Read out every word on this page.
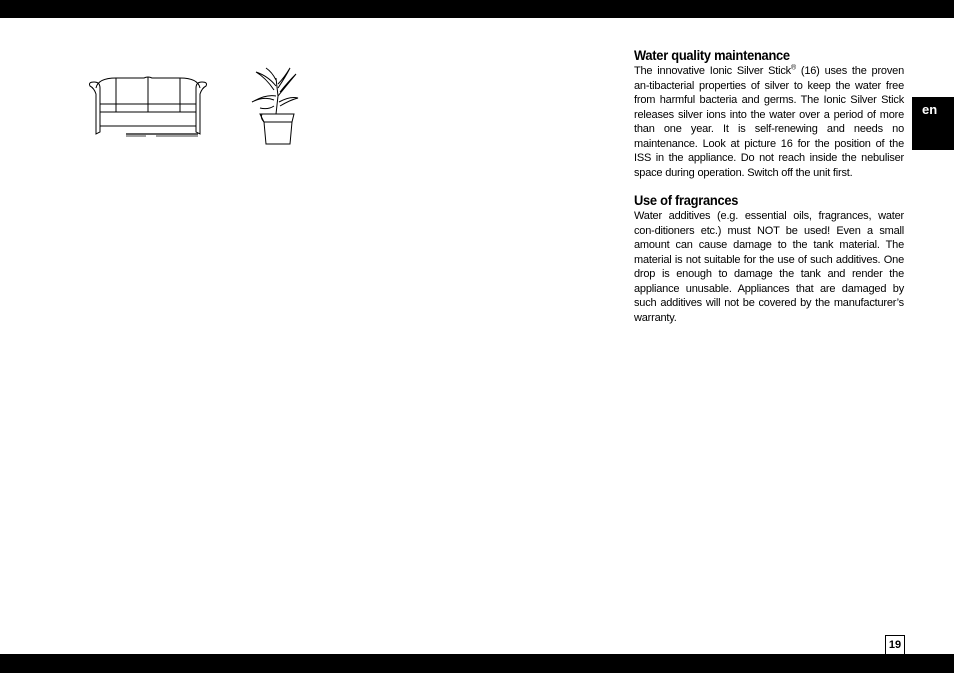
Water quality maintenance

The innovative Ionic Silver Stick® (16) uses the proven an-tibacterial properties of silver to keep the water free from harmful bacteria and germs. The Ionic Silver Stick releases silver ions into the water over a period of more than one year. It is self-renewing and needs no maintenance. Look at picture 16 for the position of the ISS in the appliance. Do not reach inside the nebuliser space during operation. Switch off the unit first.

Use of fragrances

Water additives (e.g. essential oils, fragrances, water con-ditioners etc.) must NOT be used! Even a small amount can cause damage to the tank material. The material is not suitable for the use of such additives. One drop is enough to damage the tank and render the appliance unusable. Appliances that are damaged by such additives will not be covered by the manufacturer’s warranty.

en
19
